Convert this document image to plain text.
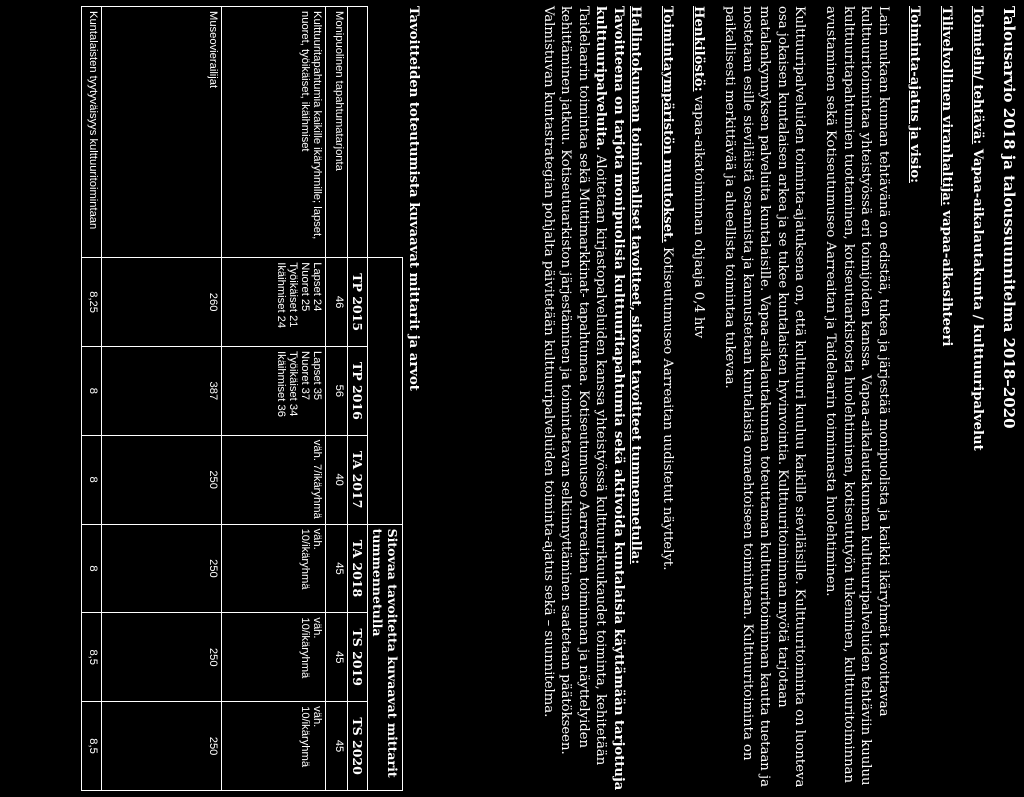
Talousarvio 2018 ja taloussuunnitelma 2018–2020
Toimielin/ tehtävä: Vapaa-aikalautakunta / kulttuuripalvelut
Tilivelvollinen viranhaltija: vapaa-aikasihteeri

Toiminta-ajatus ja visio:

Lain mukaan kunnan tehtävänä on edistää, tukea ja järjestää monipuolista ja kaikki ikäryhmät tavoittavaa kulttuuritoimintaa yhteistyössä eri toimijoiden kanssa. Vapaa-aikalautakunnan kulttuuripalveluiden tehtäviin kuuluu kulttuuritapahtumien tuottaminen, kotiseutuarkistosta huolehtiminen, kotiseututyön tukeminen, kulttuuritoiminnan avustaminen sekä Kotiseutumuseo Aarreaitan ja Taidelaarin toiminnasta huolehtiminen.

Kulttuuripalveluiden toiminta-ajatuksena on, että kulttuuri kuuluu kaikille sieviläisille. Kulttuuritoiminta on luonteva osa jokaisen kuntalaisen arkea ja se tukee kuntalaisten hyvinvointia. Kulttuuritoiminnan myötä tarjotaan matalankynnyksen palveluita kuntalaisille. Vapaa-aikalautakunnan toteuttaman kulttuuritoiminnan kautta tuetaan ja nostetaan esille sieviläistä osaamista ja kannustetaan kuntalaisia omaehtoiseen toimintaan. Kulttuuritoiminta on paikallisesti merkittävää ja alueellista toimintaa tukevaa.

Henkilöstö: vapaa-aikatoiminnan ohjaaja 0,4 htv
Toimintaympäristön muutokset. Kotiseutumuseo Aarreaitan uudistetut näyttelyt.

Hallintokunnan toiminnalliset tavoitteet, sitovat tavoitteet tummennetulla:

Tavoitteena on tarjota monipuolisia kulttuuritapahtumia sekä aktivoida kuntalaisia käyttämään tarjottuja kulttuuripalveluita. Aloitetaan kirjastopalveluiden kanssa yhteistyössä kulttuurikuukaudet toiminta, kehitetään Taidelaarin toimintaa sekä Muttimarkkinat- tapahtumaa. Kotiseutumuseo Aarreaitan toiminnan ja näyttelyiden kehittäminen jatkuu. Kotiseutuarkiston järjestäminen ja toimintatavan selkiinnyttäminen saatetaan päätökseen. Valmistuvan kuntastrategian pohjalta päivitetään kulttuuripalveluiden toiminta-ajatus sekä – suunnitelma.

Tavoitteiden toteutumista kuvaavat mittarit ja arvot
				Sitovaa tavoitetta kuvaavat mittarit tummennetulla		
	TP 2015	TP 2016	TA 2017	TA 2018	TS 2019	TS 2020
Monipuolinen tapahtumatarjonta	46	56	40	45	45	45
Kulttuuritapahtumia kaikille ikäryhmille; lapset, nuoret, työikäiset, ikäihmiset	Lapset 24
Nuoret 25
Työikäiset 21
Ikäihmiset 24	Lapset 35
Nuoret 37
Työikäiset 34
Ikäihmiset 36	väh. 7/ikäryhmä	väh. 10/ikäryhmä	väh. 10/ikäryhmä	väh. 10/ikäryhmä
Museovierailijat	260	387	250	250	250	250
Kuntalaisten tyytyväisyys kulttuuritoimintaan	8,25	8	8	8	8,5	8,5
